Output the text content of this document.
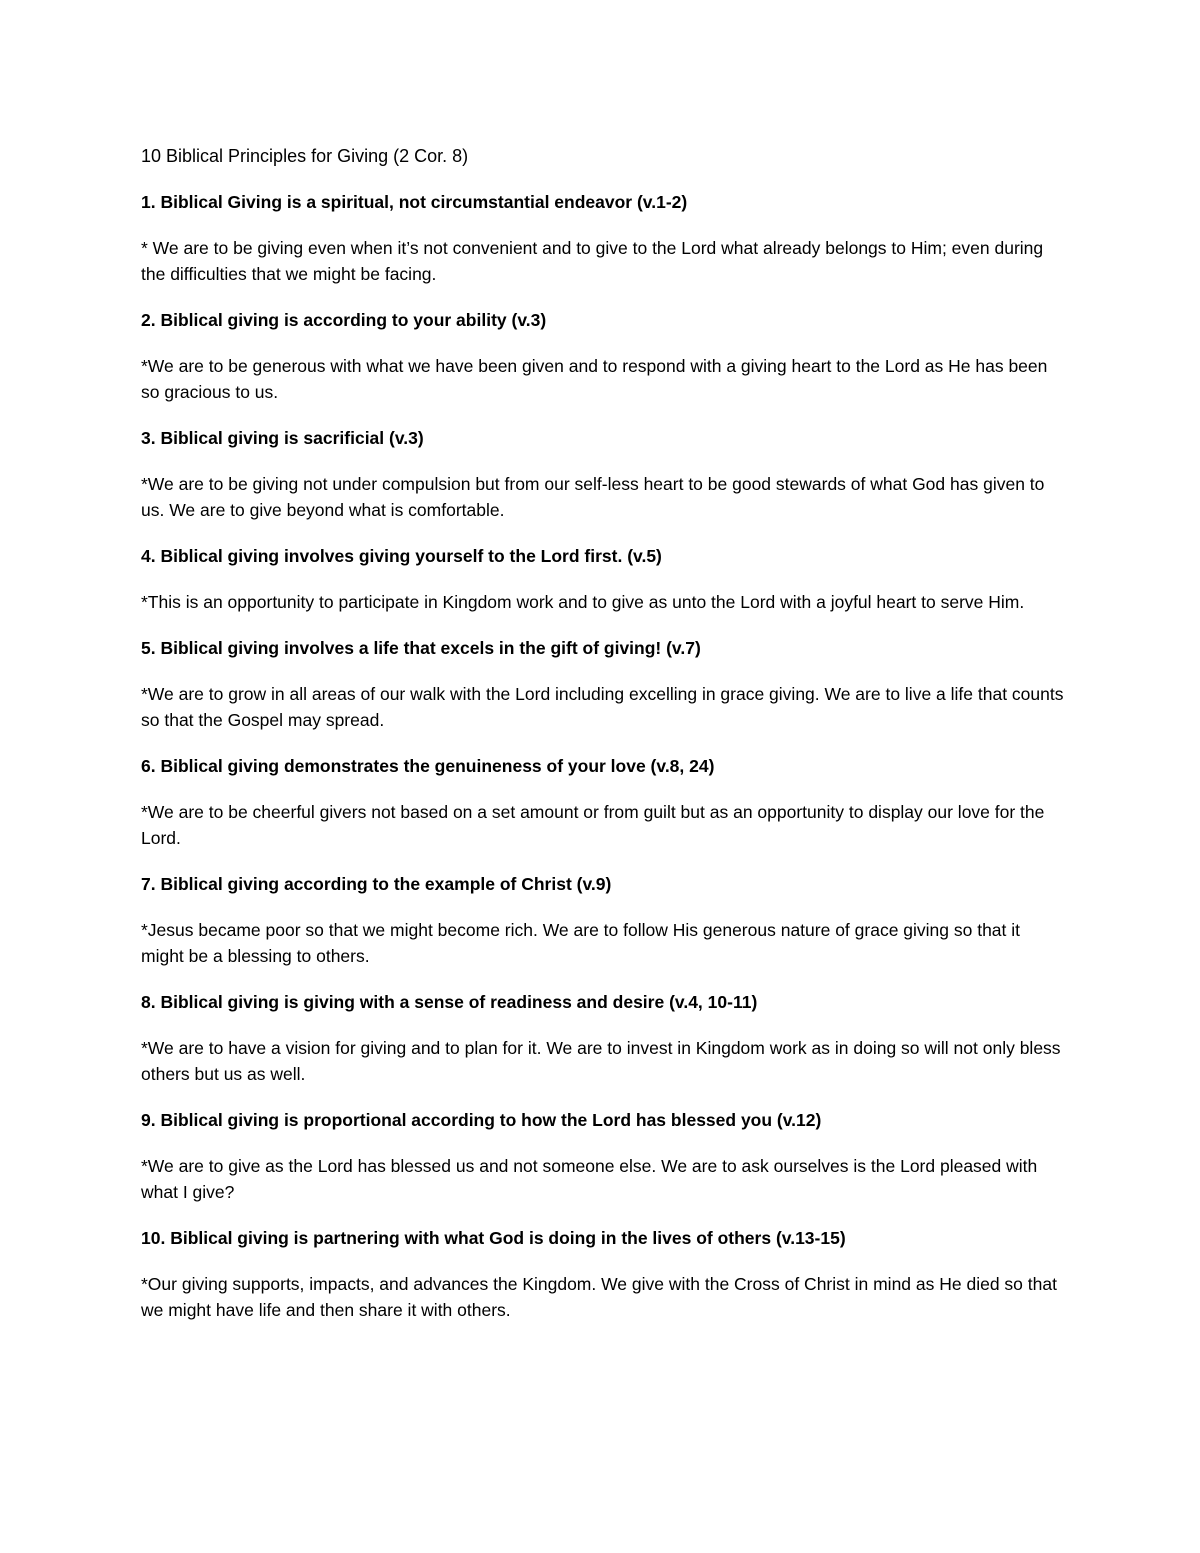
10 Biblical Principles for Giving (2 Cor. 8)

1. Biblical Giving is a spiritual, not circumstantial endeavor (v.1-2)

* We are to be giving even when it’s not convenient and to give to the Lord what already belongs to Him; even during the difficulties that we might be facing.

2. Biblical giving is according to your ability (v.3)

*We are to be generous with what we have been given and to respond with a giving heart to the Lord as He has been so gracious to us.

3. Biblical giving is sacrificial (v.3)

*We are to be giving not under compulsion but from our self-less heart to be good stewards of what God has given to us. We are to give beyond what is comfortable.

4. Biblical giving involves giving yourself to the Lord first. (v.5)

*This is an opportunity to participate in Kingdom work and to give as unto the Lord with a joyful heart to serve Him.

5. Biblical giving involves a life that excels in the gift of giving! (v.7)

*We are to grow in all areas of our walk with the Lord including excelling in grace giving. We are to live a life that counts so that the Gospel may spread.

6. Biblical giving demonstrates the genuineness of your love (v.8, 24)

*We are to be cheerful givers not based on a set amount or from guilt but as an opportunity to display our love for the Lord.

7. Biblical giving according to the example of Christ (v.9)

*Jesus became poor so that we might become rich. We are to follow His generous nature of grace giving so that it might be a blessing to others.

8. Biblical giving is giving with a sense of readiness and desire (v.4, 10-11)

*We are to have a vision for giving and to plan for it. We are to invest in Kingdom work as in doing so will not only bless others but us as well.

9. Biblical giving is proportional according to how the Lord has blessed you (v.12)

*We are to give as the Lord has blessed us and not someone else. We are to ask ourselves is the Lord pleased with what I give?

10. Biblical giving is partnering with what God is doing in the lives of others (v.13-15)

*Our giving supports, impacts, and advances the Kingdom. We give with the Cross of Christ in mind as He died so that we might have life and then share it with others.
